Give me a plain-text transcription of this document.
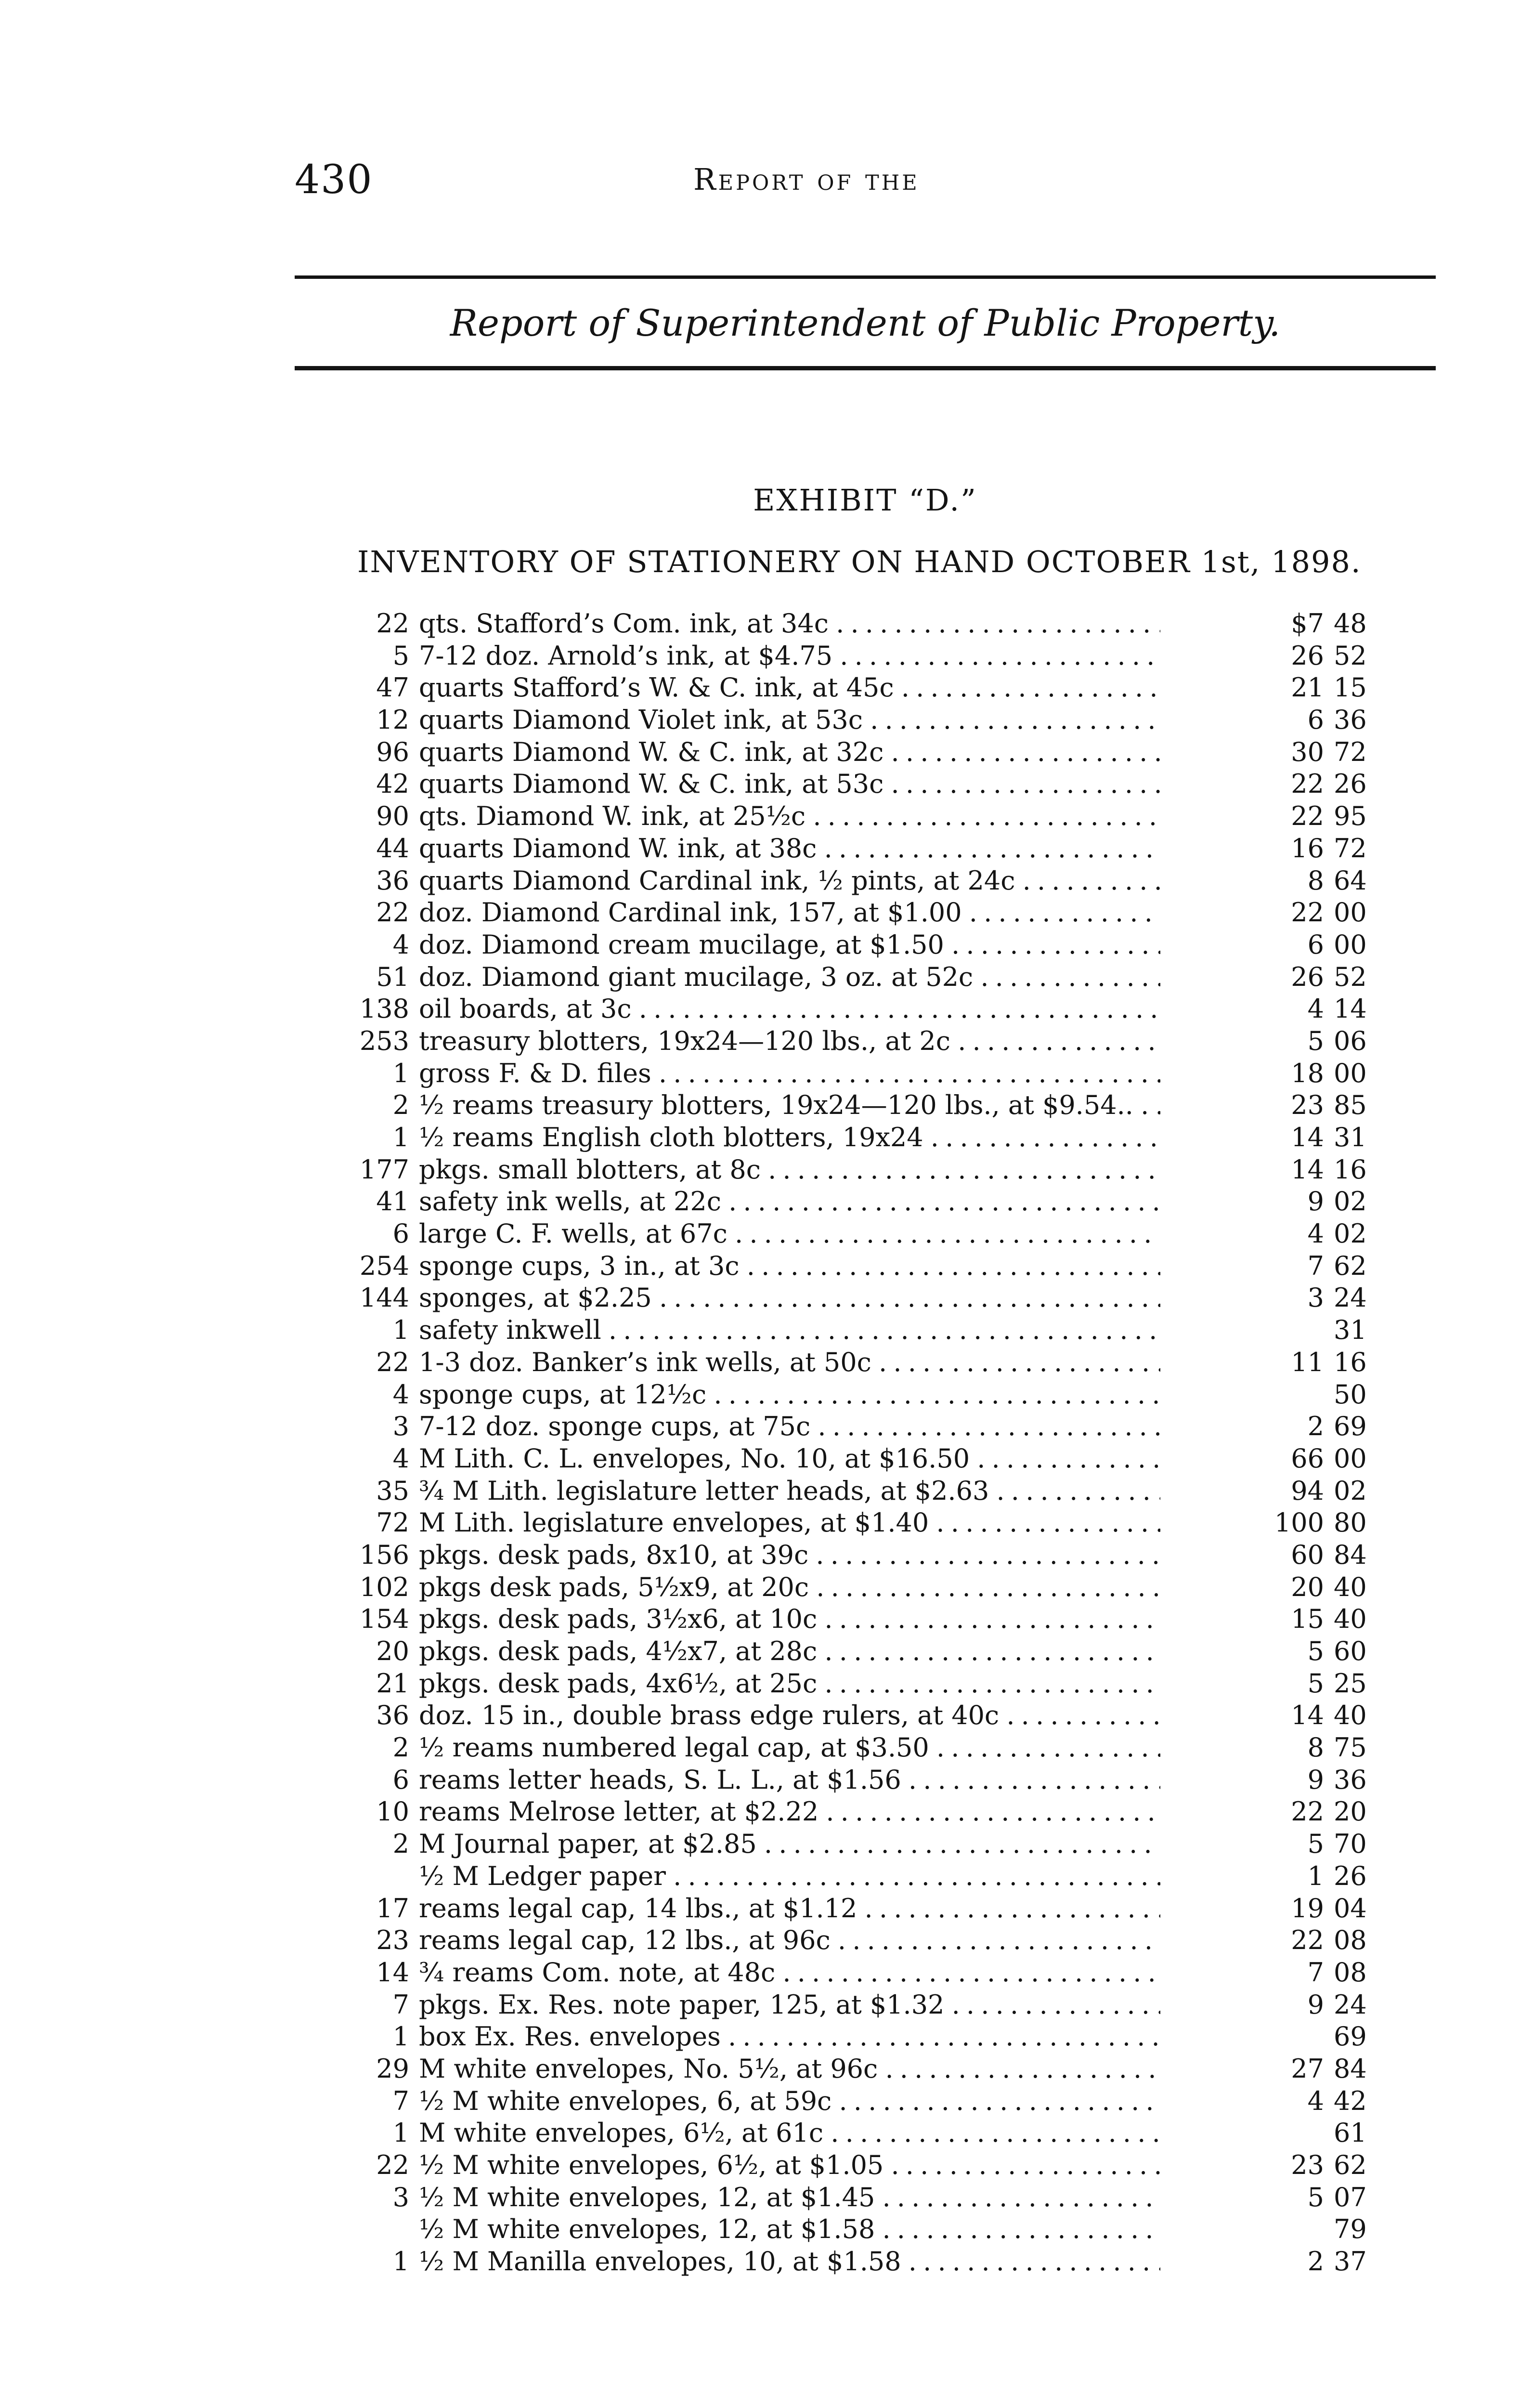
430	Report of the
Report of Superintendent of Public Property.
EXHIBIT “D.”
INVENTORY OF STATIONERY ON HAND OCTOBER 1st, 1898.
22 qts. Stafford’s Com. ink, at 34c . . .	$7 48
5 7-12 doz. Arnold’s ink, at $4.75 . . .	26 52
47 quarts Stafford’s W. & C. ink, at 45c . . .	21 15
12 quarts Diamond Violet ink, at 53c . . .	6 36
96 quarts Diamond W. & C. ink, at 32c . . .	30 72
42 quarts Diamond W. & C. ink, at 53c . . .	22 26
90 qts. Diamond W. ink, at 25½c . . .	22 95
44 quarts Diamond W. ink, at 38c . . .	16 72
36 quarts Diamond Cardinal ink, ½ pints, at 24c . . .	8 64
22 doz. Diamond Cardinal ink, 157, at $1.00 . . .	22 00
4 doz. Diamond cream mucilage, at $1.50 . . .	6 00
51 doz. Diamond giant mucilage, 3 oz. at 52c . . .	26 52
138 oil boards, at 3c . . .	4 14
253 treasury blotters, 19x24—120 lbs., at 2c . . .	5 06
1 gross F. & D. files . . .	18 00
2 ½ reams treasury blotters, 19x24—120 lbs., at $9.54.. . . .	23 85
1 ½ reams English cloth blotters, 19x24 . . .	14 31
177 pkgs. small blotters, at 8c . . .	14 16
41 safety ink wells, at 22c . . .	9 02
6 large C. F. wells, at 67c . . .	4 02
254 sponge cups, 3 in., at 3c . . .	7 62
144 sponges, at $2.25 . . .	3 24
1 safety inkwell . . .	31
22 1-3 doz. Banker’s ink wells, at 50c . . .	11 16
4 sponge cups, at 12½c . . .	50
3 7-12 doz. sponge cups, at 75c . . .	2 69
4 M Lith. C. L. envelopes, No. 10, at $16.50 . . .	66 00
35 ¾ M Lith. legislature letter heads, at $2.63 . . .	94 02
72 M Lith. legislature envelopes, at $1.40 . . .	100 80
156 pkgs. desk pads, 8x10, at 39c . . .	60 84
102 pkgs desk pads, 5½x9, at 20c . . .	20 40
154 pkgs. desk pads, 3½x6, at 10c . . .	15 40
20 pkgs. desk pads, 4½x7, at 28c . . .	5 60
21 pkgs. desk pads, 4x6½, at 25c . . .	5 25
36 doz. 15 in., double brass edge rulers, at 40c . . .	14 40
2 ½ reams numbered legal cap, at $3.50 . . .	8 75
6 reams letter heads, S. L. L., at $1.56 . . .	9 36
10 reams Melrose letter, at $2.22 . . .	22 20
2 M Journal paper, at $2.85 . . .	5 70
½ M Ledger paper . . .	1 26
17 reams legal cap, 14 lbs., at $1.12 . . .	19 04
23 reams legal cap, 12 lbs., at 96c . . .	22 08
14 ¾ reams Com. note, at 48c . . .	7 08
7 pkgs. Ex. Res. note paper, 125, at $1.32 . . .	9 24
1 box Ex. Res. envelopes . . .	69
29 M white envelopes, No. 5½, at 96c . . .	27 84
7 ½ M white envelopes, 6, at 59c . . .	4 42
1 M white envelopes, 6½, at 61c . . .	61
22 ½ M white envelopes, 6½, at $1.05 . . .	23 62
3 ½ M white envelopes, 12, at $1.45 . . .	5 07
½ M white envelopes, 12, at $1.58 . . .	79
1 ½ M Manilla envelopes, 10, at $1.58 . . .	2 37
